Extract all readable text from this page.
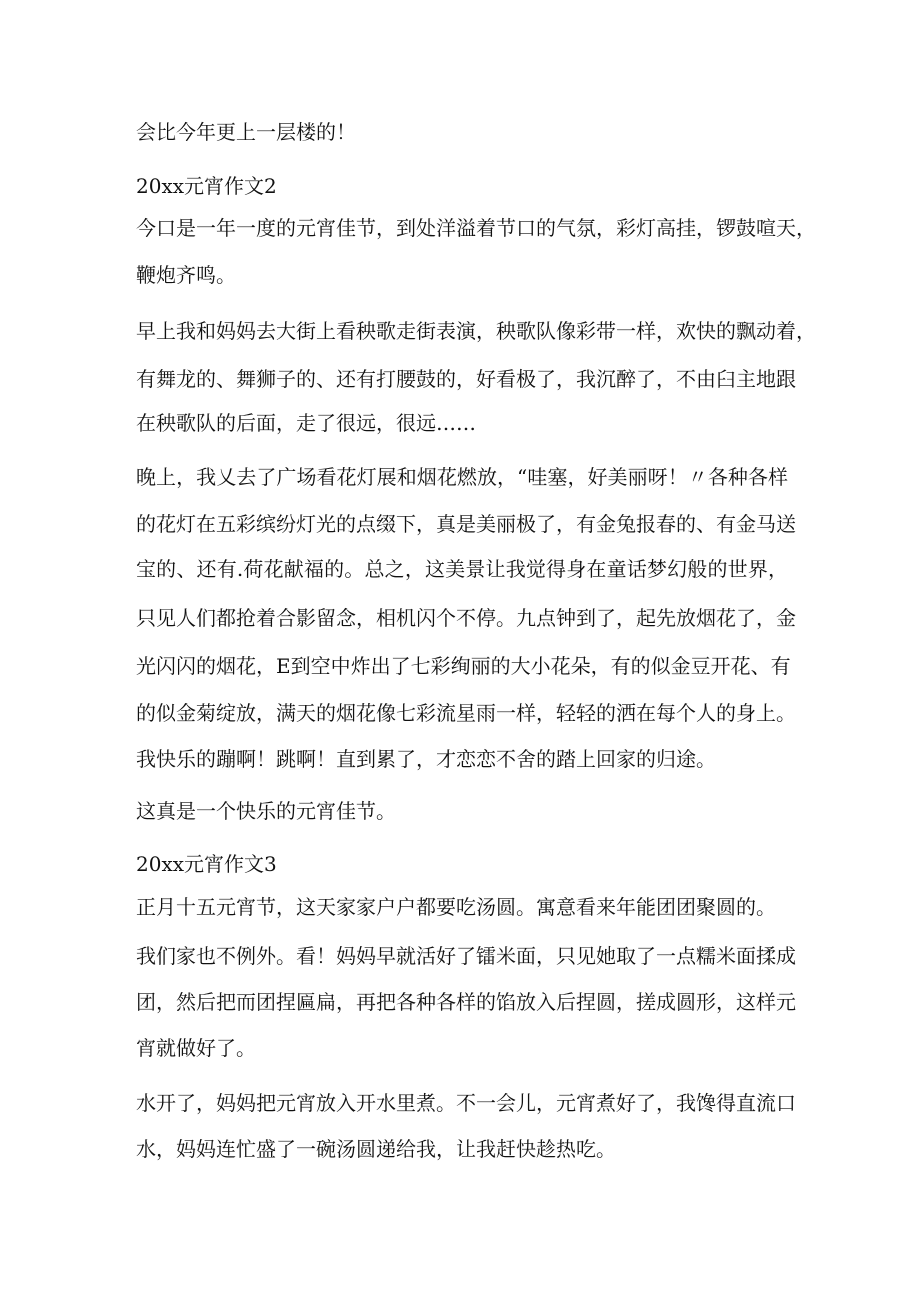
会比今年更上一层楼的！
20xx元宵作文2
今口是一年一度的元宵佳节，到处洋溢着节口的气氛，彩灯高挂，锣鼓喧天，
鞭炮齐鸣。
早上我和妈妈去大街上看秧歌走街表演，秧歌队像彩带一样，欢快的飘动着，
有舞龙的、舞狮子的、还有打腰鼓的，好看极了，我沉醉了，不由臼主地跟
在秧歌队的后面，走了很远，很远……
晚上，我乂去了广场看花灯展和烟花燃放，“哇塞，好美丽呀！〃各种各样
的花灯在五彩缤纷灯光的点缀下，真是美丽极了，有金兔报春的、有金马送
宝的、还有.荷花献福的。总之，这美景让我觉得身在童话梦幻般的世界，
只见人们都抢着合影留念，相机闪个不停。九点钟到了，起先放烟花了，金
光闪闪的烟花，E到空中炸出了七彩绚丽的大小花朵，有的似金豆开花、有
的似金菊绽放，满天的烟花像七彩流星雨一样，轻轻的洒在每个人的身上。
我快乐的蹦啊！跳啊！直到累了，才恋恋不舍的踏上回家的归途。
这真是一个快乐的元宵佳节。
20xx元宵作文3
正月十五元宵节，这天家家户户都要吃汤圆。寓意看来年能团团聚圆的。
我们家也不例外。看！妈妈早就活好了镭米面，只见她取了一点糯米面揉成
团，然后把而团捏匾扁，再把各种各样的馅放入后捏圆，搓成圆形，这样元
宵就做好了。
水开了，妈妈把元宵放入开水里煮。不一会儿，元宵煮好了，我馋得直流口
水，妈妈连忙盛了一碗汤圆递给我，让我赶快趁热吃。
